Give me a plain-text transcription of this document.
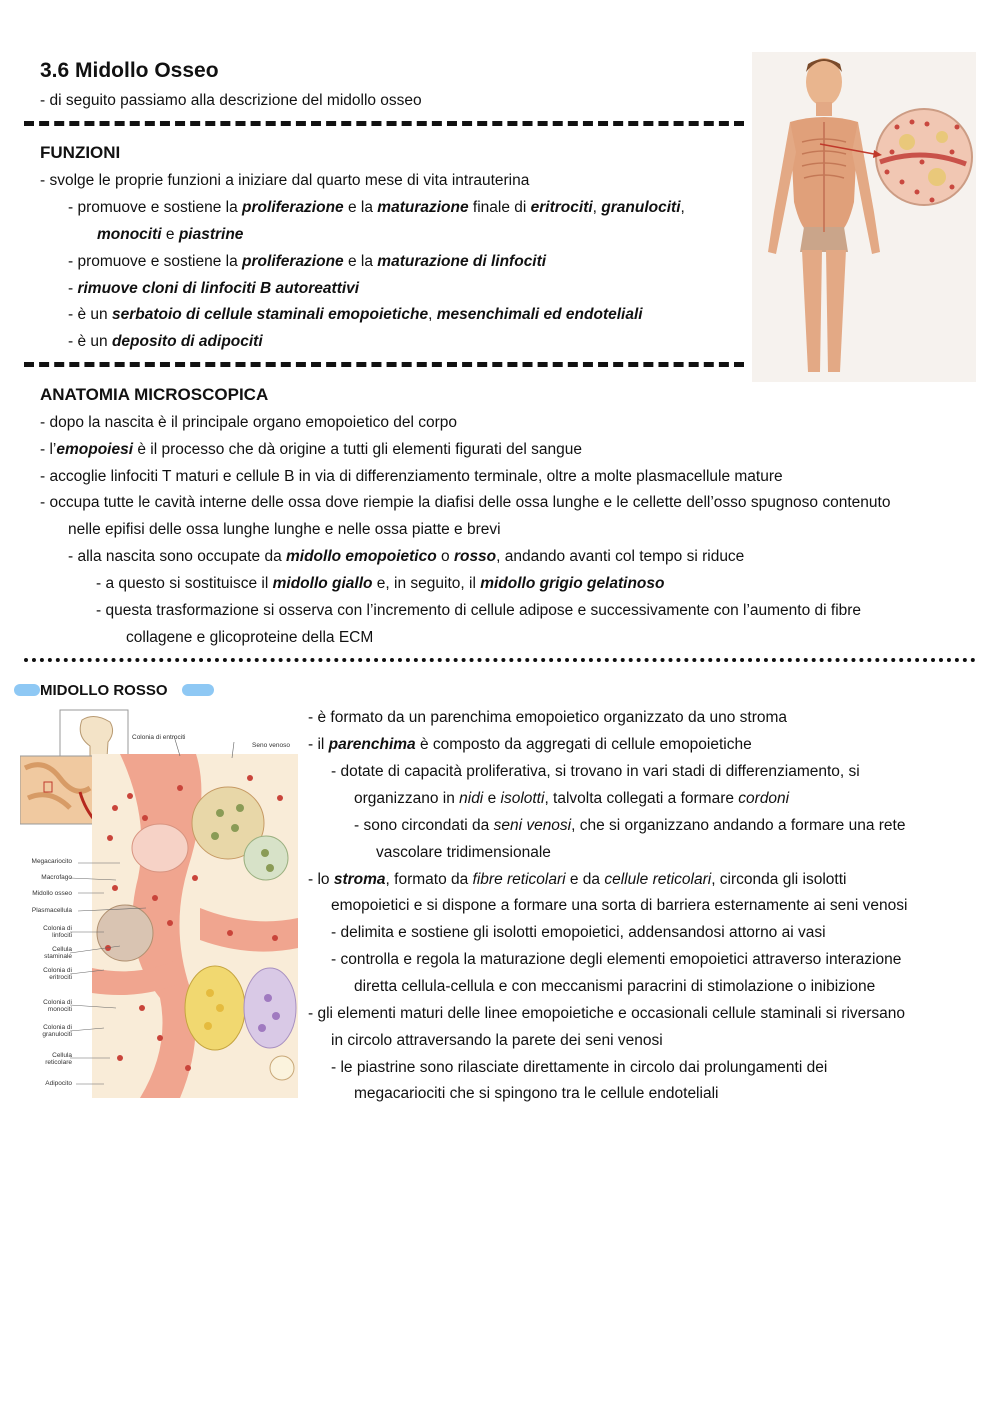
3.6 Midollo Osseo
- di seguito passiamo alla descrizione del midollo osseo
FUNZIONI
- svolge le proprie funzioni a iniziare dal quarto mese di vita intrauterina
- promuove e sostiene la proliferazione e la maturazione finale di eritrociti, granulociti,
monociti e piastrine
- promuove e sostiene la proliferazione e la maturazione di linfociti
- rimuove cloni di linfociti B autoreattivi
- è un serbatoio di cellule staminali emopoietiche, mesenchimali ed endoteliali
- è un deposito di adipociti
ANATOMIA MICROSCOPICA
- dopo la nascita è il principale organo emopoietico del corpo
- l’emopoiesi è il processo che dà origine a tutti gli elementi figurati del sangue
- accoglie linfociti T maturi e cellule B in via di differenziamento terminale, oltre a molte plasmacellule mature
- occupa tutte le cavità interne delle ossa dove riempie la diafisi delle ossa lunghe e le cellette dell’osso spugnoso contenuto
nelle epifisi delle ossa lunghe lunghe e nelle ossa piatte e brevi
- alla nascita sono occupate da midollo emopoietico o rosso, andando avanti col tempo si riduce
- a questo si sostituisce il midollo giallo e, in seguito, il midollo grigio gelatinoso
- questa trasformazione si osserva con l’incremento di cellule adipose e successivamente con l’aumento di fibre
collagene e glicoproteine della ECM
MIDOLLO ROSSO
Colonia di entrociti
Seno venoso
Megacariocito
Macrofago
Midollo osseo
Plasmacellula
Colonia di linfociti
Cellula staminale
Colonia di eritrociti
Colonia di monociti
Colonia di granulociti
Cellula reticolare
Adipocito
- è formato da un parenchima emopoietico organizzato da uno stroma
- il parenchima è composto da aggregati di cellule emopoietiche
- dotate di capacità proliferativa, si trovano in vari stadi di differenziamento, si
organizzano in nidi e isolotti, talvolta collegati a formare cordoni
- sono circondati da seni venosi, che si organizzano andando a formare una rete
vascolare tridimensionale
- lo stroma, formato da fibre reticolari e da cellule reticolari, circonda gli isolotti
emopoietici e si dispone a formare una sorta di barriera esternamente ai seni venosi
- delimita e sostiene gli isolotti emopoietici, addensandosi attorno ai vasi
- controlla e regola la maturazione degli elementi emopoietici attraverso interazione
diretta cellula-cellula e con meccanismi paracrini di stimolazione o inibizione
- gli elementi maturi delle linee emopoietiche e occasionali cellule staminali si riversano
in circolo attraversando la parete dei seni venosi
- le piastrine sono rilasciate direttamente in circolo dai prolungamenti dei
megacariociti che si spingono tra le cellule endoteliali
